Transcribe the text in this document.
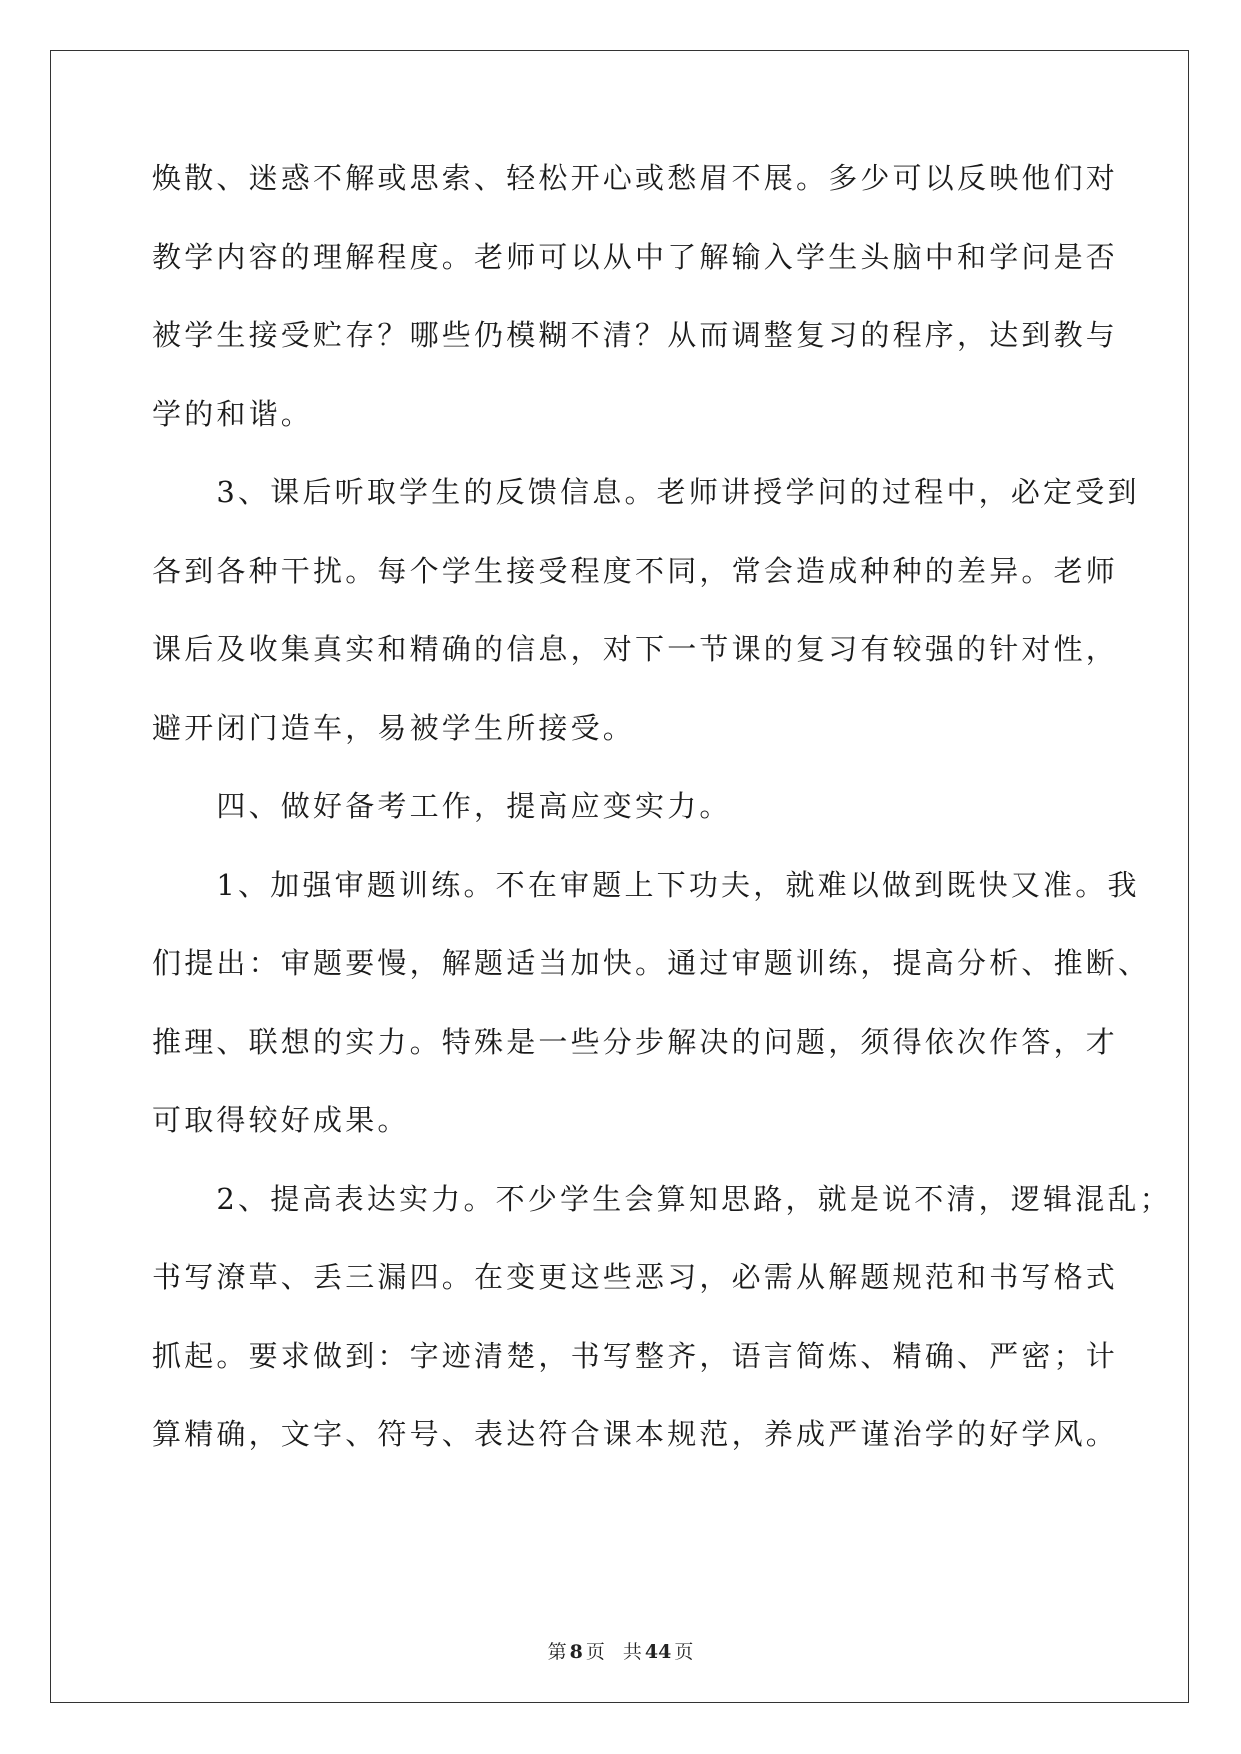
焕散、迷惑不解或思索、轻松开心或愁眉不展。多少可以反映他们对
教学内容的理解程度。老师可以从中了解输入学生头脑中和学问是否
被学生接受贮存？哪些仍模糊不清？从而调整复习的程序，达到教与
学的和谐。
　　3、课后听取学生的反馈信息。老师讲授学问的过程中，必定受到
各到各种干扰。每个学生接受程度不同，常会造成种种的差异。老师
课后及收集真实和精确的信息，对下一节课的复习有较强的针对性，
避开闭门造车，易被学生所接受。
　　四、做好备考工作，提高应变实力。
　　1、加强审题训练。不在审题上下功夫，就难以做到既快又准。我
们提出：审题要慢，解题适当加快。通过审题训练，提高分析、推断、
推理、联想的实力。特殊是一些分步解决的问题，须得依次作答，才
可取得较好成果。
　　2、提高表达实力。不少学生会算知思路，就是说不清，逻辑混乱；
书写潦草、丢三漏四。在变更这些恶习，必需从解题规范和书写格式
抓起。要求做到：字迹清楚，书写整齐，语言简炼、精确、严密；计
算精确，文字、符号、表达符合课本规范，养成严谨治学的好学风。
第 8 页 共 44 页
